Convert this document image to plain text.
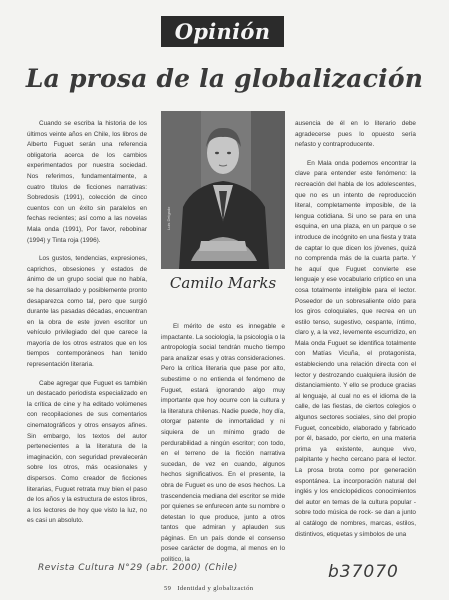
Opinión
La prosa de la globalización

Cuando se escriba la historia de los últimos veinte años en Chile, los libros de Alberto Fuguet serán una referencia obligatoria acerca de los cambios experimentados por nuestra sociedad. Nos referimos, fundamentalmente, a cuatro títulos de ficciones narrativas: Sobredosis (1991), colección de cinco cuentos con un éxito sin paralelos en fechas recientes; así como a las novelas Mala onda (1991), Por favor, rebobinar (1994) y Tinta roja (1996).

Los gustos, tendencias, expresiones, caprichos, obsesiones y estados de ánimo de un grupo social que no había, se ha desarrollado y posiblemente pronto desaparezca como tal, pero que surgió durante las pasadas décadas, encuentran en la obra de este joven escritor un vehículo privilegiado del que carece la mayoría de los otros estratos que en los tiempos contemporáneos han tenido representación literaria.

Cabe agregar que Fuguet es también un destacado periodista especializado en la crítica de cine y ha editado volúmenes con recopilaciones de sus comentarios cinematográficos y otros ensayos afines. Sin embargo, los textos del autor pertenecientes a la literatura de la imaginación, con seguridad prevalecerán sobre los otros, más ocasionales y dispersos. Como creador de ficciones literarias, Fuguet retrata muy bien el paso de los años y la estructura de estos libros, a los lectores de hoy que visto la luz, no es casi un absoluto.

Luis Delgado
Camilo Marks

El mérito de esto es innegable e impactante. La sociología, la psicología o la antropología social tendrán mucho tiempo para analizar esas y otras consideraciones. Pero la crítica literaria que pase por alto, subestime o no entienda el fenómeno de Fuguet, estará ignorando algo muy importante que hoy ocurre con la cultura y la literatura chilenas. Nadie puede, hoy día, otorgar patente de inmortalidad y ni siquiera de un mínimo grado de perdurabilidad a ningún escritor; con todo, en el terreno de la ficción narrativa sucedan, de vez en cuando, algunos hechos significativos. En el presente, la obra de Fuguet es uno de esos hechos. La trascendencia mediana del escritor se mide por quienes se enfurecen ante su nombre o detestan lo que produce, junto a otros tantos que admiran y aplauden sus páginas. En un país donde el consenso posee carácter de dogma, al menos en lo político, la

ausencia de él en lo literario debe agradecerse pues lo opuesto sería nefasto y contraproducente.

En Mala onda podemos encontrar la clave para entender este fenómeno: la recreación del habla de los adolescentes, que no es un intento de reproducción literal, completamente imposible, de la lengua cotidiana. Si uno se para en una esquina, en una plaza, en un parque o se introduce de incógnito en una fiesta y trata de captar lo que dicen los jóvenes, quizá no comprenda más de la cuarta parte. Y he aquí que Fuguet convierte ese lenguaje y ese vocabulario críptico en una cosa totalmente inteligible para el lector. Poseedor de un sobresaliente oído para los giros coloquiales, que recrea en un estilo tenso, sugestivo, cespante, íntimo, claro y, a la vez, levemente escurridizo, en Mala onda Fuguet se identifica totalmente con Matías Vicuña, el protagonista, estableciendo una relación directa con el lector y destrozando cualquiera ilusión de distanciamiento. Y ello se produce gracias al lenguaje, al cual no es el idioma de la calle, de las fiestas, de ciertos colegios o algunos sectores sociales, sino del propio Fuguet, concebido, elaborado y fabricado por él, basado, por cierto, en una materia prima ya existente, aunque vivo, palpitante y hecho cercano para el lector. La prosa brota como por generación espontánea. La incorporación natural del inglés y los enciclopédicos conocimientos del autor en temas de la cultura popular -sobre todo música de rock- se dan a junto al catálogo de nombres, marcas, estilos, distintivos, etiquetas y símbolos de una

Revista Cultura N°29 (abr. 2000) (Chile)	b37070
59 Identidad y globalización
